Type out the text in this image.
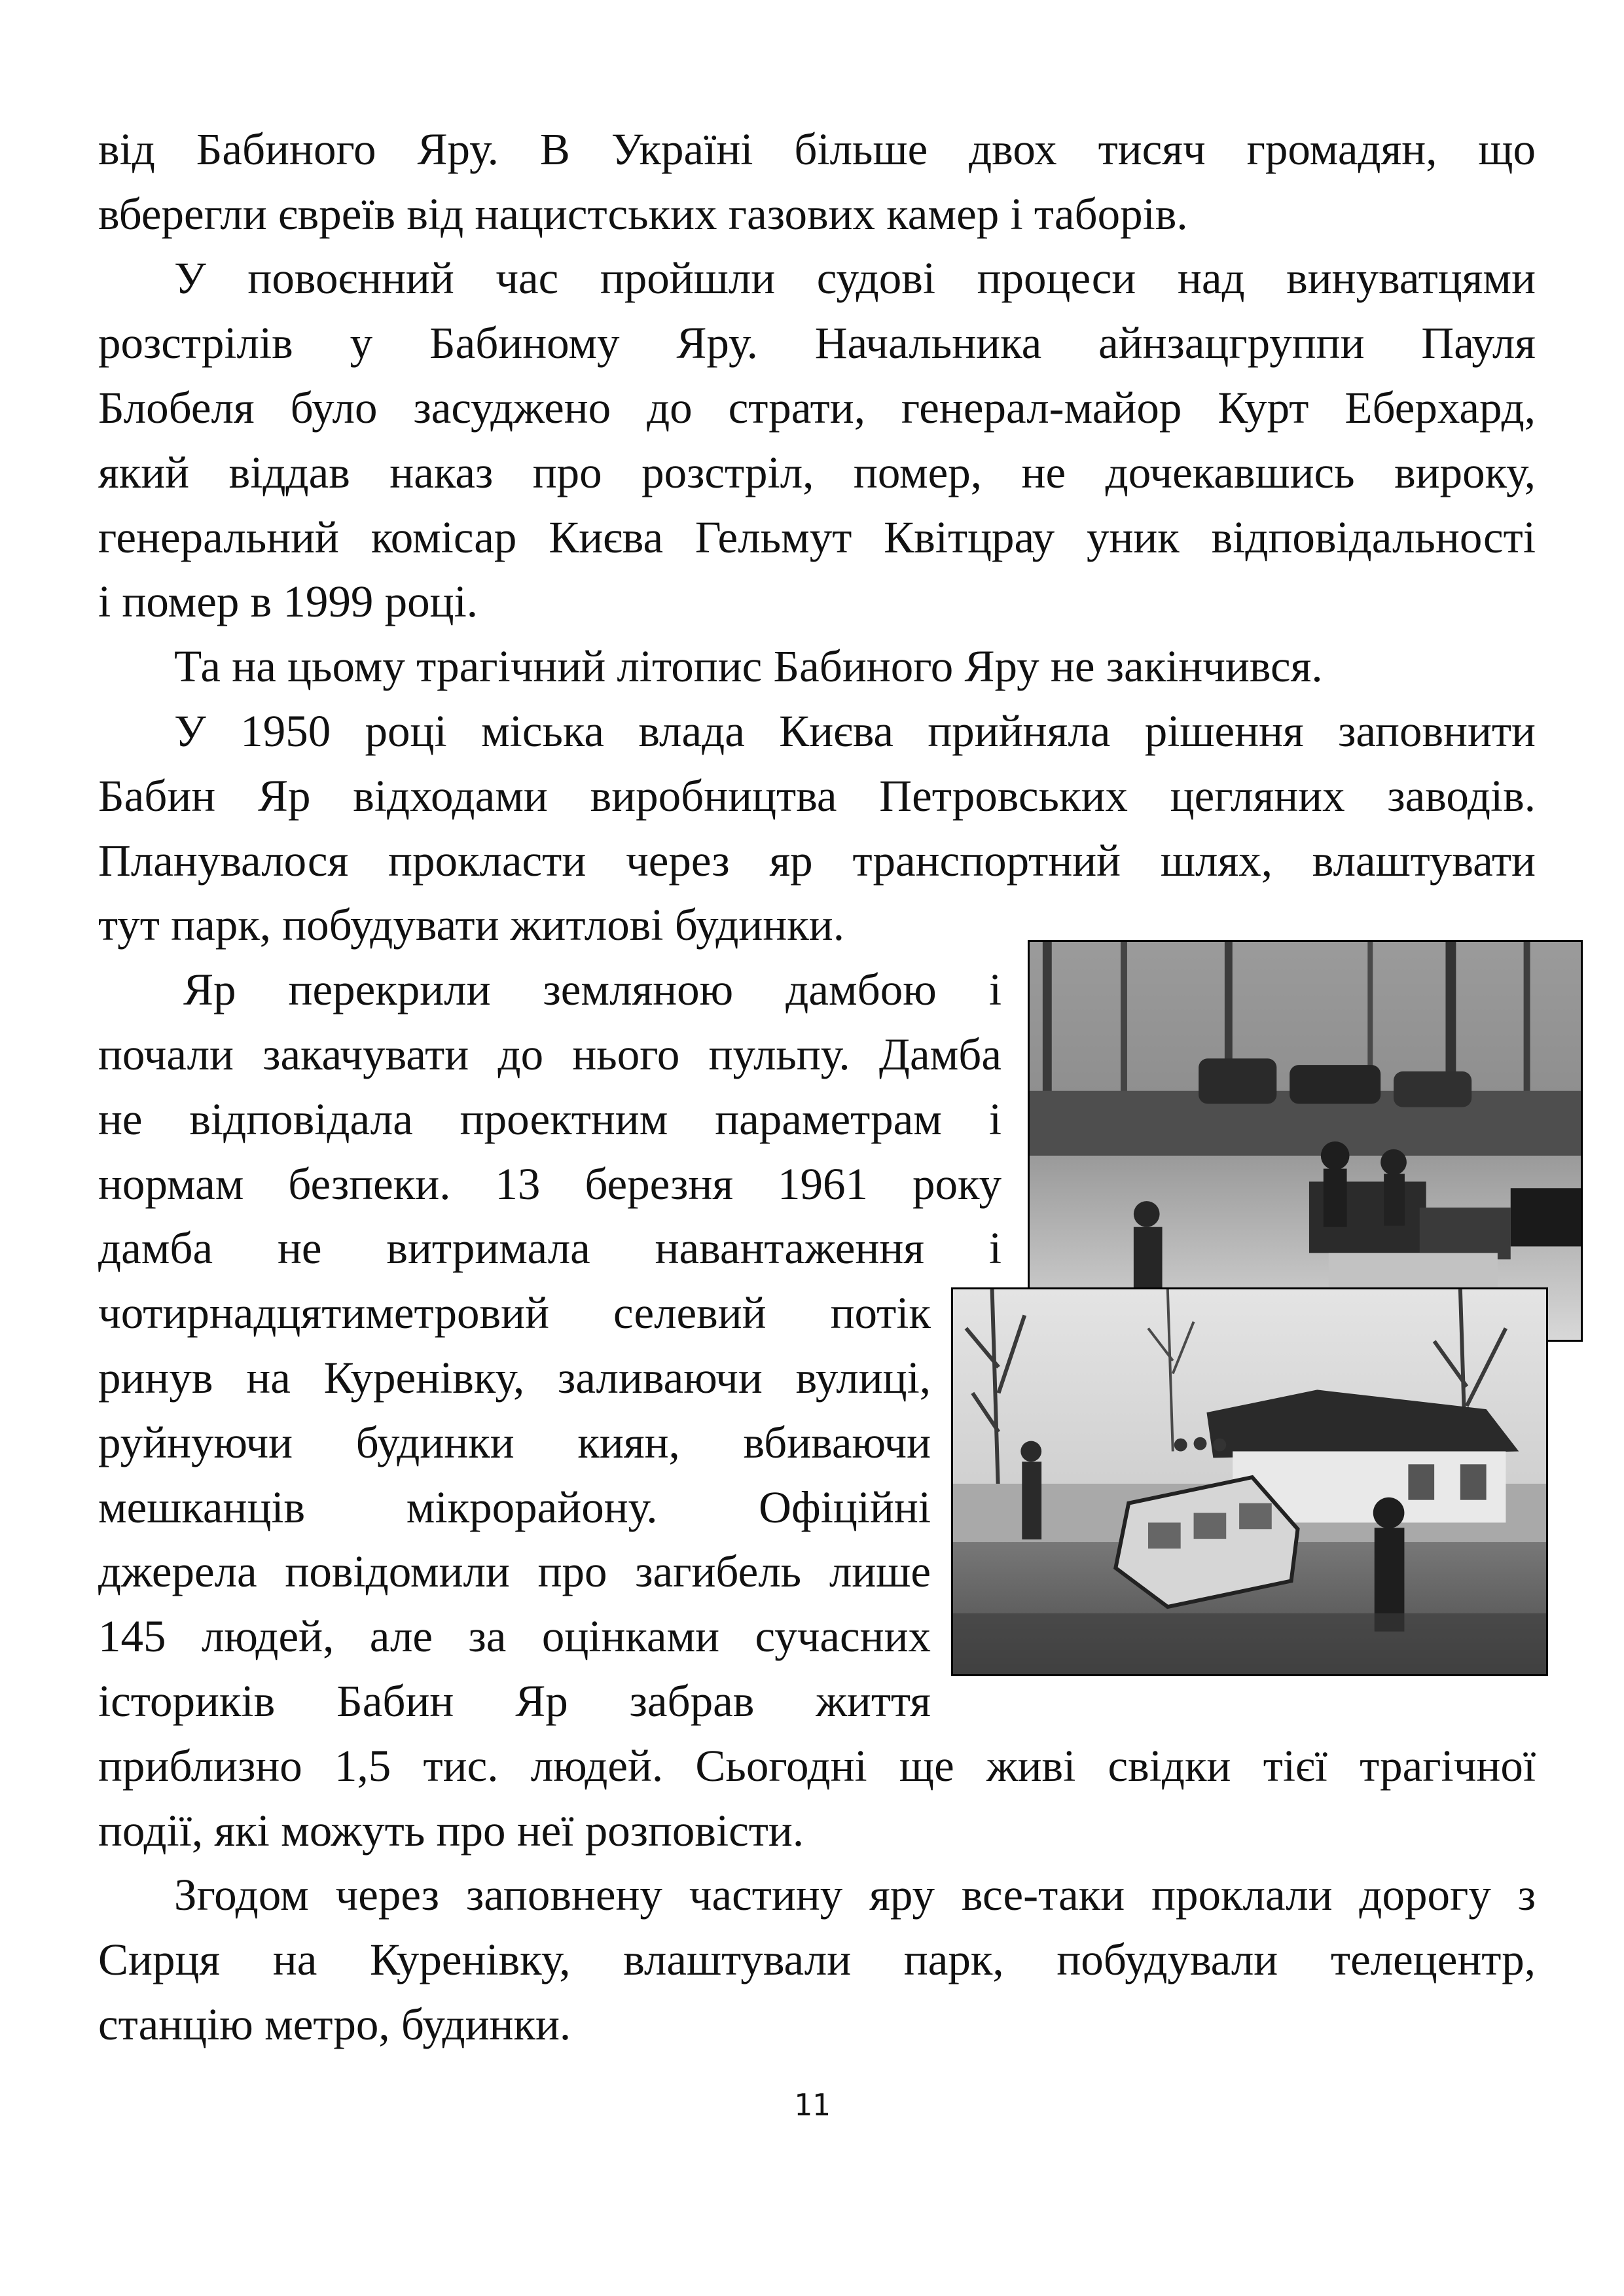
від Бабиного Яру. В Україні більше двох тисяч громадян, що
вберегли євреїв від нацистських газових камер і таборів.
У повоєнний час пройшли судові процеси над винуватцями
розстрілів у Бабиному Яру. Начальника айнзацгруппи Пауля
Блобеля було засуджено до страти, генерал-майор Курт Еберхард,
який віддав наказ про розстріл, помер, не дочекавшись вироку,
генеральний комісар Києва Гельмут Квітцрау уник відповідальності
і помер в 1999 році.
Та на цьому трагічний літопис Бабиного Яру не закінчився.
У 1950 році міська влада Києва прийняла рішення заповнити
Бабин Яр відходами виробництва Петровських цегляних заводів.
Планувалося прокласти через яр транспортний шлях, влаштувати
тут парк, побудувати житлові будинки.
Яр перекрили земляною дамбою і
почали закачувати до нього пульпу. Дамба
не відповідала проектним параметрам і
нормам безпеки. 13 березня 1961 року
дамба не витримала навантаження і
чотирнадцятиметровий селевий потік
ринув на Куренівку, заливаючи вулиці,
руйнуючи будинки киян, вбиваючи
мешканців мікрорайону. Офіційні
джерела повідомили про загибель лише
145 людей, але за оцінками сучасних
істориків Бабин Яр забрав життя
приблизно 1,5 тис. людей. Сьогодні ще живі свідки тієї трагічної
події, які можуть про неї розповісти.
Згодом через заповнену частину яру все-таки проклали дорогу з
Сирця на Куренівку, влаштували парк, побудували телецентр,
станцію метро, будинки.
11
